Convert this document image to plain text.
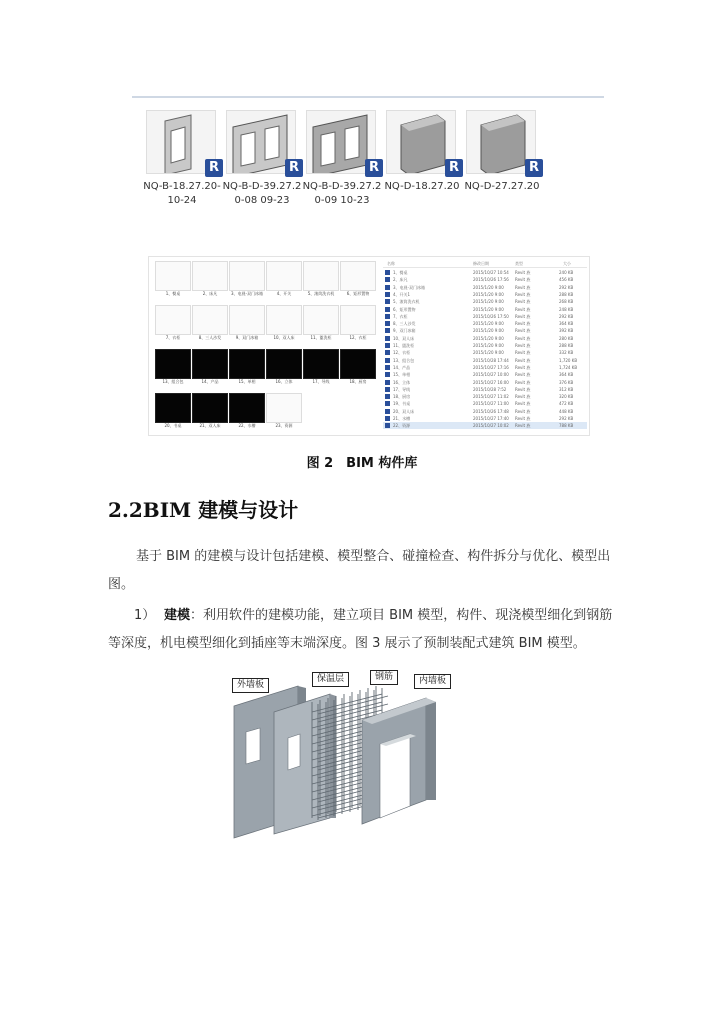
R
NQ-B-18.27.20-
10-24
R
NQ-B-D-39.27.2
0-08 09-23
R
NQ-B-D-39.27.2
0-09 10-23
R
NQ-D-18.27.20
R
NQ-D-27.27.20
1、餐桌	2、床凡	3、电视-双门冰箱	4、开关	5、滚筒洗衣机	6、矩形置物
7、衣柜	8、三人沙发	9、双门冰箱	10、双人床	11、盥洗柜	12、衣柜
13、组合包	14、产品	15、单相	16、立体	17、导线	18、厨房
20、书桌	21、双人床	22、水槽	23、资源
名称	修改日期	类型	大小
1、餐桌	2015/10/27 10:54 Revit 族	240 KB
2、床凡	2015/10/26 17:56 Revit 族	456 KB
3、电视-双门冰箱	2015/1/20 9:00	Revit 族	292 KB
4、开关1	2015/1/20 9:00	Revit 族	288 KB
5、滚筒洗衣机	2015/1/20 9:00	Revit 族	268 KB
6、矩形置物	2015/1/20 9:00	Revit 族	248 KB
7、衣柜	2015/10/26 17:50 Revit 族	292 KB
8、三人沙发	2015/1/20 9:00	Revit 族	364 KB
9、双门冰箱	2015/1/20 9:00	Revit 族	392 KB
10、双人床	2015/1/20 9:00	Revit 族	280 KB
11、盥洗柜	2015/1/20 9:00	Revit 族	288 KB
12、衣柜	2015/1/20 9:00	Revit 族	332 KB
13、组合包	2015/10/28 17:44 Revit 族	1,720 KB
14、产品	2015/10/27 17:16 Revit 族	1,724 KB
15、单相	2015/10/27 10:00 Revit 族	364 KB
16、立体	2015/10/27 16:00 Revit 族	376 KB
17、导线	2015/10/28 7:52 Revit 族	312 KB
18、厨房	2015/10/27 11:02 Revit 族	320 KB
19、书桌	2015/10/27 11:00 Revit 族	472 KB
20、双人床	2015/10/26 17:48 Revit 族	448 KB
21、水槽	2015/10/27 17:40 Revit 族	292 KB
22、资源	2015/10/27 10:02 Revit 族	788 KB
图 2　BIM 构件库
2.2BIM 建模与设计
基于 BIM 的建模与设计包括建模、模型整合、碰撞检查、构件拆分与优化、模型出图。
1） 建模：利用软件的建模功能，建立项目 BIM 模型，构件、现浇模型细化到钢筋等深度，机电模型细化到插座等末端深度。图 3 展示了预制装配式建筑 BIM 模型。
外墙板
保温层	钢筋	内墙板
